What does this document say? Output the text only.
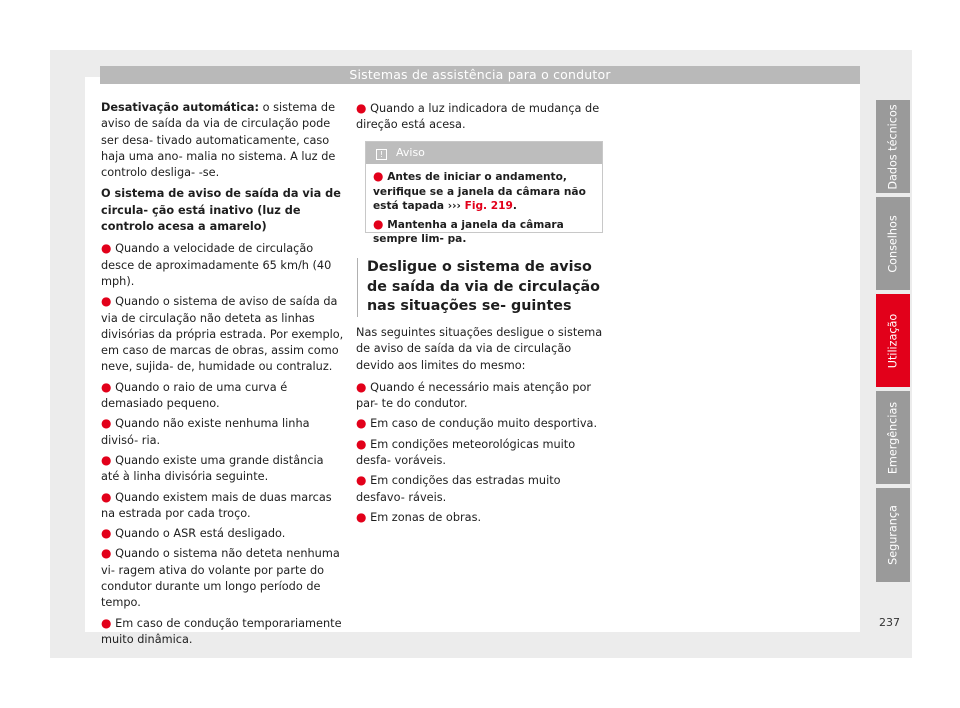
Sistemas de assistência para o condutor

Desativação automática: o sistema de aviso de saída da via de circulação pode ser desa- tivado automaticamente, caso haja uma ano- malia no sistema. A luz de controlo desliga- -se.

O sistema de aviso de saída da via de circula- ção está inativo (luz de controlo acesa a amarelo)

● Quando a velocidade de circulação desce de aproximadamente 65 km/h (40 mph).
● Quando o sistema de aviso de saída da via de circulação não deteta as linhas divisórias da própria estrada. Por exemplo, em caso de marcas de obras, assim como neve, sujida- de, humidade ou contraluz.
● Quando o raio de uma curva é demasiado pequeno.
● Quando não existe nenhuma linha divisó- ria.
● Quando existe uma grande distância até à linha divisória seguinte.
● Quando existem mais de duas marcas na estrada por cada troço.
● Quando o ASR está desligado.
● Quando o sistema não deteta nenhuma vi- ragem ativa do volante por parte do condutor durante um longo período de tempo.
● Em caso de condução temporariamente muito dinâmica.
● Quando a luz indicadora de mudança de direção está acesa.
! Aviso
● Antes de iniciar o andamento, verifique se a janela da câmara não está tapada ››› Fig. 219.
● Mantenha a janela da câmara sempre lim- pa.
Desligue o sistema de aviso de saída da via de circulação nas situações se- guintes

Nas seguintes situações desligue o sistema de aviso de saída da via de circulação devido aos limites do mesmo:

● Quando é necessário mais atenção por par- te do condutor.
● Em caso de condução muito desportiva.
● Em condições meteorológicas muito desfa- voráveis.
● Em condições das estradas muito desfavo- ráveis.
● Em zonas de obras.
Dados técnicos
Conselhos
Utilização
Emergências
Segurança
237
